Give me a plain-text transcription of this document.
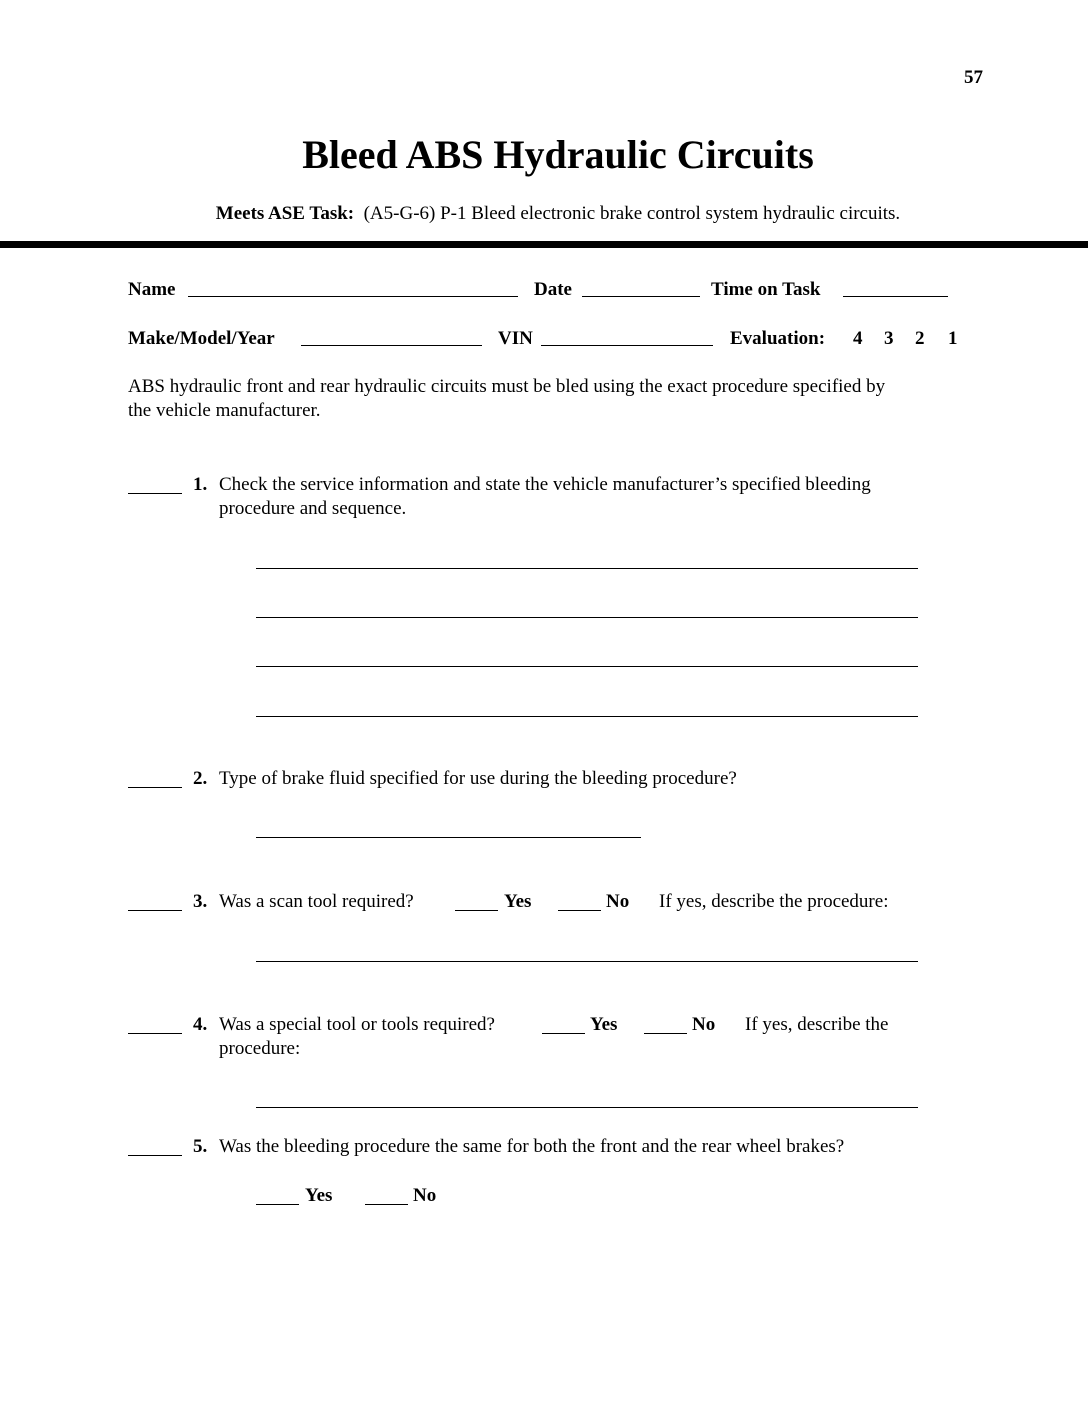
57
Bleed ABS Hydraulic Circuits
Meets ASE Task: (A5-G-6) P-1 Bleed electronic brake control system hydraulic circuits.
Name	Date	Time on Task
Make/Model/Year	VIN	Evaluation: 4 3 2 1
ABS hydraulic front and rear hydraulic circuits must be bled using the exact procedure specified by
the vehicle manufacturer.
1. Check the service information and state the vehicle manufacturer’s specified bleeding
procedure and sequence.
2. Type of brake fluid specified for use during the bleeding procedure?
3. Was a scan tool required?	Yes	No If yes, describe the procedure:
4. Was a special tool or tools required?	Yes	No If yes, describe the
procedure:
5. Was the bleeding procedure the same for both the front and the rear wheel brakes?
Yes	No
